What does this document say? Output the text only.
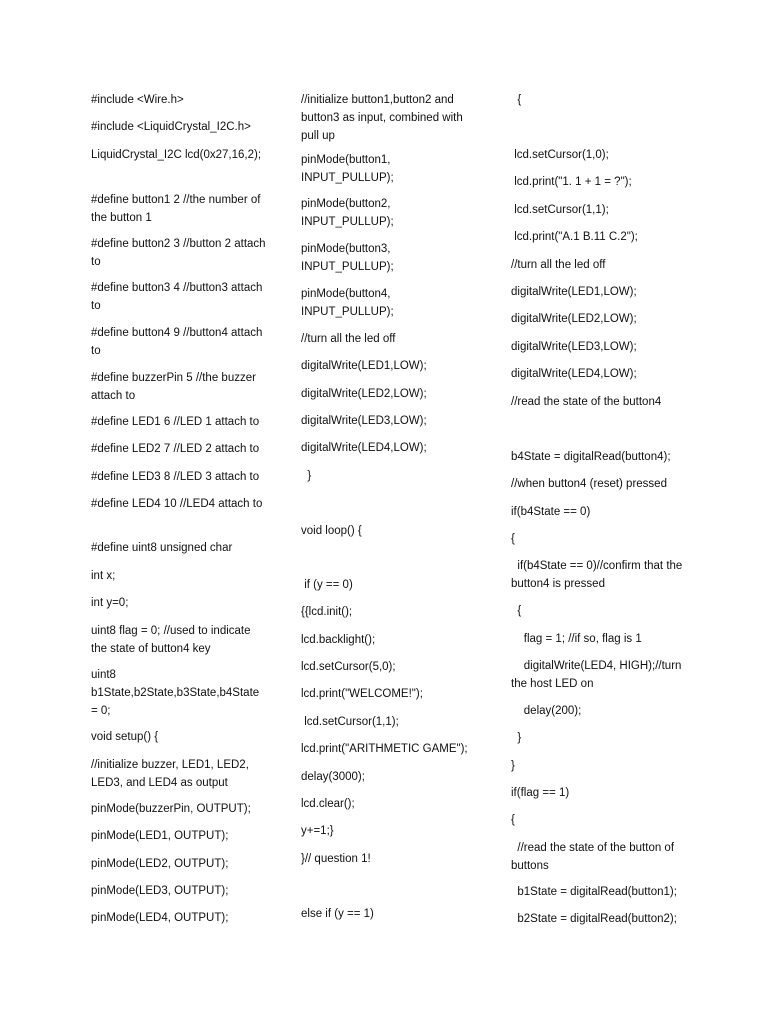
#include <Wire.h>
#include <LiquidCrystal_I2C.h>
LiquidCrystal_I2C lcd(0x27,16,2);
#define button1 2 //the number of the button 1
#define button2 3 //button 2 attach to
#define button3 4 //button3 attach to
#define button4 9 //button4 attach to
#define buzzerPin 5 //the buzzer attach to
#define LED1 6 //LED 1 attach to
#define LED2 7 //LED 2 attach to
#define LED3 8 //LED 3 attach to
#define LED4 10 //LED4 attach to
#define uint8 unsigned char
int x;
int y=0;
uint8 flag = 0; //used to indicate the state of button4 key
uint8 b1State,b2State,b3State,b4State = 0;
void setup() {
//initialize buzzer, LED1, LED2, LED3, and LED4 as output
pinMode(buzzerPin, OUTPUT);
pinMode(LED1, OUTPUT);
pinMode(LED2, OUTPUT);
pinMode(LED3, OUTPUT);
pinMode(LED4, OUTPUT);
//initialize button1,button2 and button3 as input, combined with pull up
pinMode(button1, INPUT_PULLUP);
pinMode(button2, INPUT_PULLUP);
pinMode(button3, INPUT_PULLUP);
pinMode(button4, INPUT_PULLUP);
//turn all the led off
digitalWrite(LED1,LOW);
digitalWrite(LED2,LOW);
digitalWrite(LED3,LOW);
digitalWrite(LED4,LOW);
}
void loop() {
if (y == 0)
{{lcd.init();
lcd.backlight();
lcd.setCursor(5,0);
lcd.print("WELCOME!");
lcd.setCursor(1,1);
lcd.print("ARITHMETIC GAME");
delay(3000);
lcd.clear();
y+=1;}
}// question 1!
else if (y == 1)
{
lcd.setCursor(1,0);
lcd.print("1. 1 + 1 = ?");
lcd.setCursor(1,1);
lcd.print("A.1 B.11 C.2");
//turn all the led off
digitalWrite(LED1,LOW);
digitalWrite(LED2,LOW);
digitalWrite(LED3,LOW);
digitalWrite(LED4,LOW);
//read the state of the button4
b4State = digitalRead(button4);
//when button4 (reset) pressed
if(b4State == 0)
{
if(b4State == 0)//confirm that the button4 is pressed
{
flag = 1; //if so, flag is 1
digitalWrite(LED4, HIGH);//turn the host LED on
delay(200);
}
}
if(flag == 1)
{
//read the state of the button of buttons
b1State = digitalRead(button1);
b2State = digitalRead(button2);
